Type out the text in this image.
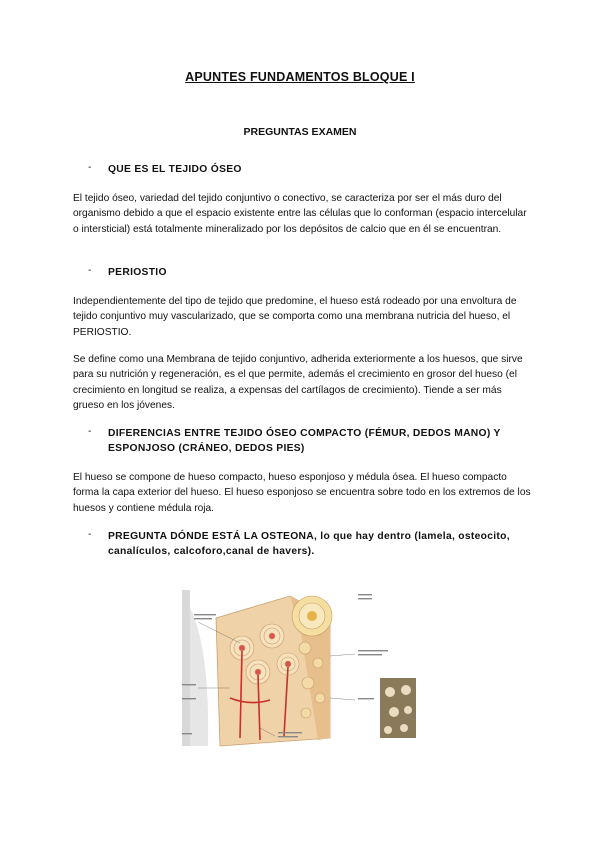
APUNTES FUNDAMENTOS BLOQUE I
PREGUNTAS EXAMEN
- QUE ES EL TEJIDO ÓSEO
El tejido óseo, variedad del tejido conjuntivo o conectivo, se caracteriza por ser el más duro del organismo debido a que el espacio existente entre las células que lo conforman (espacio intercelular o intersticial) está totalmente mineralizado por los depósitos de calcio que en él se encuentran.
- PERIOSTIO
Independientemente del tipo de tejido que predomine, el hueso está rodeado por una envoltura de tejido conjuntivo muy vascularizado, que se comporta como una membrana nutricia del hueso, el PERIOSTIO.
Se define como una Membrana de tejido conjuntivo, adherida exteriormente a los huesos, que sirve para su nutrición y regeneración, es el que permite, además el crecimiento en grosor del hueso (el crecimiento en longitud se realiza, a expensas del cartílagos de crecimiento). Tiende a ser más grueso en los jóvenes.
- DIFERENCIAS ENTRE TEJIDO ÓSEO COMPACTO (FÉMUR, DEDOS MANO) Y ESPONJOSO (CRÁNEO, DEDOS PIES)
El hueso se compone de hueso compacto, hueso esponjoso y médula ósea. El hueso compacto forma la capa exterior del hueso. El hueso esponjoso se encuentra sobre todo en los extremos de los huesos y contiene médula roja.
- PREGUNTA DÓNDE ESTÁ LA OSTEONA, lo que hay dentro (lamela, osteocito, canalículos, calcoforo,canal de havers).
